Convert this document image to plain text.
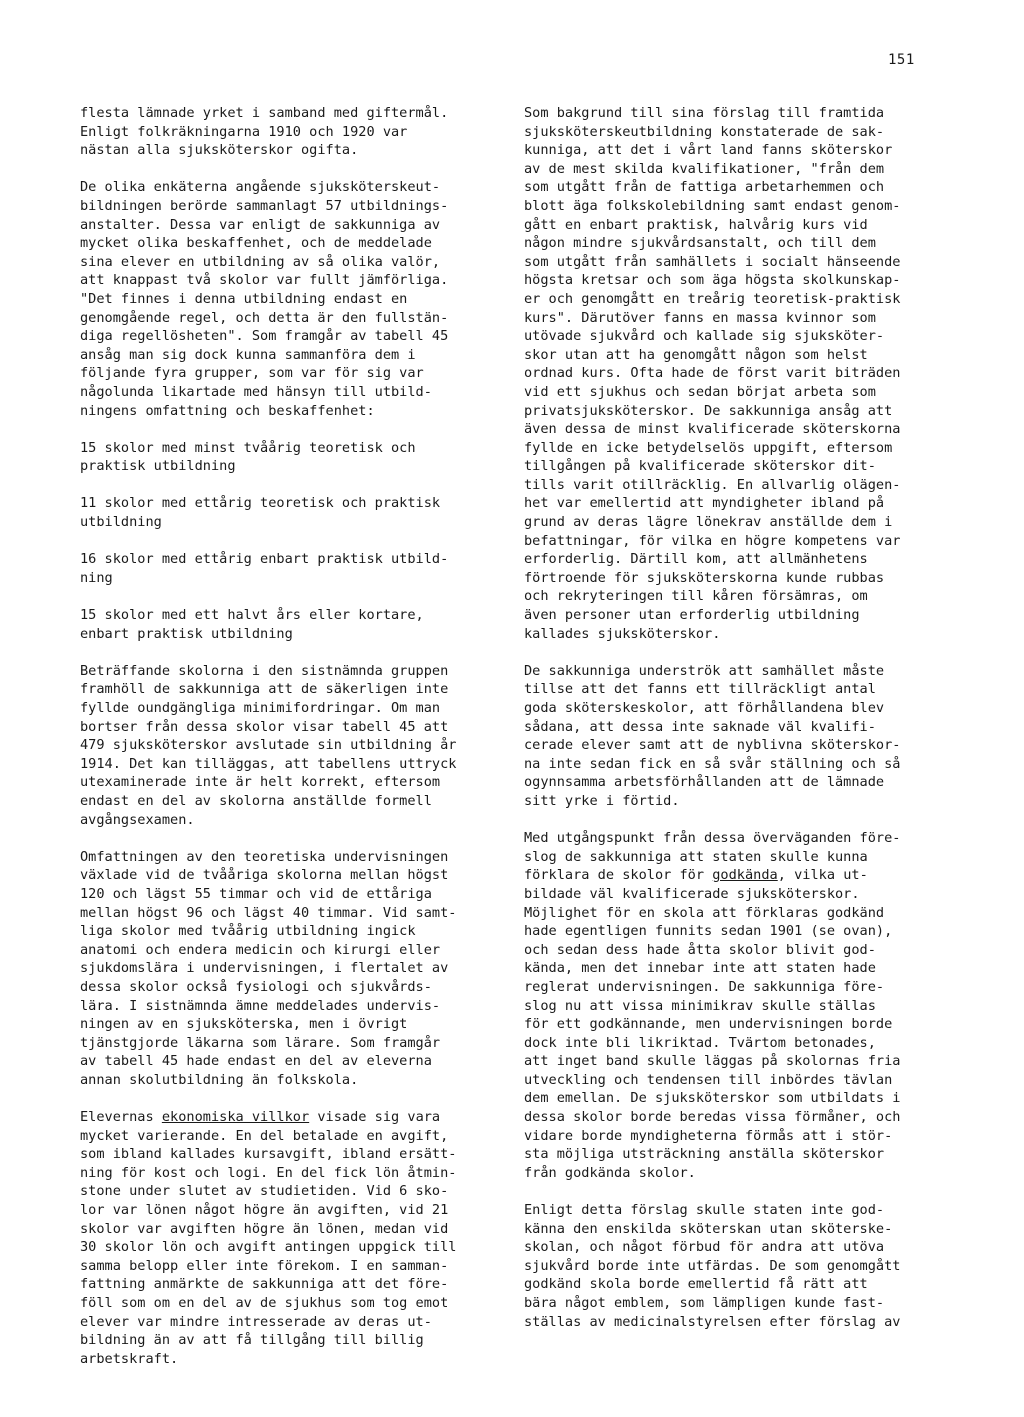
151

flesta lämnade yrket i samband med giftermål.
Enligt folkräkningarna 1910 och 1920 var
nästan alla sjuksköterskor ogifta.

De olika enkäterna angående sjuksköterskeut-
bildningen berörde sammanlagt 57 utbildnings-
anstalter. Dessa var enligt de sakkunniga av
mycket olika beskaffenhet, och de meddelade
sina elever en utbildning av så olika valör,
att knappast två skolor var fullt jämförliga.
"Det finnes i denna utbildning endast en
genomgående regel, och detta är den fullstän-
diga regellösheten". Som framgår av tabell 45
ansåg man sig dock kunna sammanföra dem i
följande fyra grupper, som var för sig var
någolunda likartade med hänsyn till utbild-
ningens omfattning och beskaffenhet:

15 skolor med minst tvåårig teoretisk och
praktisk utbildning

11 skolor med ettårig teoretisk och praktisk
utbildning

16 skolor med ettårig enbart praktisk utbild-
ning

15 skolor med ett halvt års eller kortare,
enbart praktisk utbildning

Beträffande skolorna i den sistnämnda gruppen
framhöll de sakkunniga att de säkerligen inte
fyllde oundgängliga minimifordringar. Om man
bortser från dessa skolor visar tabell 45 att
479 sjuksköterskor avslutade sin utbildning år
1914. Det kan tilläggas, att tabellens uttryck
utexaminerade inte är helt korrekt, eftersom
endast en del av skolorna anställde formell
avgångsexamen.

Omfattningen av den teoretiska undervisningen
växlade vid de tvååriga skolorna mellan högst
120 och lägst 55 timmar och vid de ettåriga
mellan högst 96 och lägst 40 timmar. Vid samt-
liga skolor med tvåårig utbildning ingick
anatomi och endera medicin och kirurgi eller
sjukdomslära i undervisningen, i flertalet av
dessa skolor också fysiologi och sjukvårds-
lära. I sistnämnda ämne meddelades undervis-
ningen av en sjuksköterska, men i övrigt
tjänstgjorde läkarna som lärare. Som framgår
av tabell 45 hade endast en del av eleverna
annan skolutbildning än folkskola.

Elevernas ekonomiska villkor visade sig vara
mycket varierande. En del betalade en avgift,
som ibland kallades kursavgift, ibland ersätt-
ning för kost och logi. En del fick lön åtmin-
stone under slutet av studietiden. Vid 6 sko-
lor var lönen något högre än avgiften, vid 21
skolor var avgiften högre än lönen, medan vid
30 skolor lön och avgift antingen uppgick till
samma belopp eller inte förekom. I en samman-
fattning anmärkte de sakkunniga att det före-
föll som om en del av de sjukhus som tog emot
elever var mindre intresserade av deras ut-
bildning än av att få tillgång till billig
arbetskraft.

Som bakgrund till sina förslag till framtida
sjuksköterskeutbildning konstaterade de sak-
kunniga, att det i vårt land fanns sköterskor
av de mest skilda kvalifikationer, "från dem
som utgått från de fattiga arbetarhemmen och
blott äga folkskolebildning samt endast genom-
gått en enbart praktisk, halvårig kurs vid
någon mindre sjukvårdsanstalt, och till dem
som utgått från samhällets i socialt hänseende
högsta kretsar och som äga högsta skolkunskap-
er och genomgått en treårig teoretisk-praktisk
kurs". Därutöver fanns en massa kvinnor som
utövade sjukvård och kallade sig sjuksköter-
skor utan att ha genomgått någon som helst
ordnad kurs. Ofta hade de först varit biträden
vid ett sjukhus och sedan börjat arbeta som
privatsjuksköterskor. De sakkunniga ansåg att
även dessa de minst kvalificerade sköterskorna
fyllde en icke betydelselös uppgift, eftersom
tillgången på kvalificerade sköterskor dit-
tills varit otillräcklig. En allvarlig olägen-
het var emellertid att myndigheter ibland på
grund av deras lägre lönekrav anställde dem i
befattningar, för vilka en högre kompetens var
erforderlig. Därtill kom, att allmänhetens
förtroende för sjuksköterskorna kunde rubbas
och rekryteringen till kåren försämras, om
även personer utan erforderlig utbildning
kallades sjuksköterskor.

De sakkunniga underströk att samhället måste
tillse att det fanns ett tillräckligt antal
goda sköterskeskolor, att förhållandena blev
sådana, att dessa inte saknade väl kvalifi-
cerade elever samt att de nyblivna sköterskor-
na inte sedan fick en så svår ställning och så
ogynnsamma arbetsförhållanden att de lämnade
sitt yrke i förtid.

Med utgångspunkt från dessa överväganden före-
slog de sakkunniga att staten skulle kunna
förklara de skolor för godkända, vilka ut-
bildade väl kvalificerade sjuksköterskor.
Möjlighet för en skola att förklaras godkänd
hade egentligen funnits sedan 1901 (se ovan),
och sedan dess hade åtta skolor blivit god-
kända, men det innebar inte att staten hade
reglerat undervisningen. De sakkunniga före-
slog nu att vissa minimikrav skulle ställas
för ett godkännande, men undervisningen borde
dock inte bli likriktad. Tvärtom betonades,
att inget band skulle läggas på skolornas fria
utveckling och tendensen till inbördes tävlan
dem emellan. De sjuksköterskor som utbildats i
dessa skolor borde beredas vissa förmåner, och
vidare borde myndigheterna förmås att i stör-
sta möjliga utsträckning anställa sköterskor
från godkända skolor.

Enligt detta förslag skulle staten inte god-
känna den enskilda sköterskan utan sköterske-
skolan, och något förbud för andra att utöva
sjukvård borde inte utfärdas. De som genomgått
godkänd skola borde emellertid få rätt att
bära något emblem, som lämpligen kunde fast-
ställas av medicinalstyrelsen efter förslag av
